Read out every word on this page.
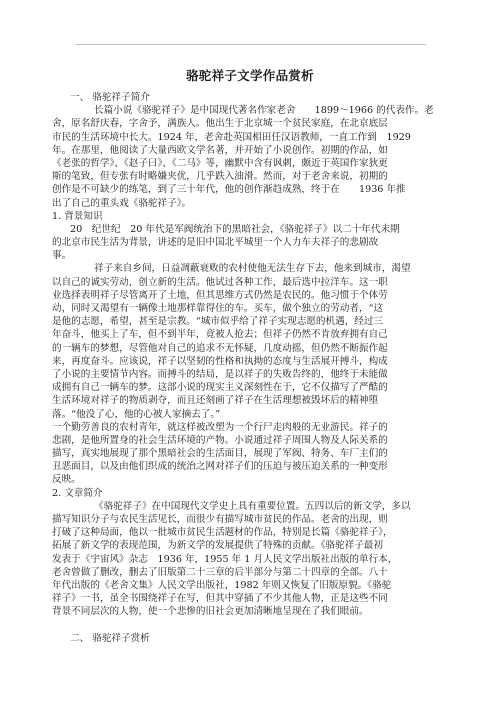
骆驼祥子文学作品赏析
一、 骆驼祥子简介
长篇小说《骆驼祥子》是中国现代著名作家老舍　　1899～1966 的代表作。老
舍，原名舒庆春，字舍予，满族人。他出生于北京城一个贫民家庭，在北京底层
市民的生活环境中长大。1924 年，老舍赴英国相田任汉语教师，一直工作到　1929
年。在那里，他阅读了大量西欧文学名著，并开始了小说创作。初期的作品，如
《老张的哲学》、《赵子曰》、《二马》等，幽默中含有讽刺，颇近于英国作家狄更
斯的笔致，但专张有时略嫌夹优，几乎跌入油滑。然而，对于老舍来说，初期的
创作是不可缺少的练笔，到了三十年代，他的创作渐趋成熟，终于在　　1936 年推
出了自己的重头戏《骆驼祥子》。
1. 背景知识
20　纪世纪　20 年代是军阀统治下的黑暗社会，《骆驼祥子》以二十年代末期
的北京市民生活为背景，讲述的是旧中国北平城里一个人力车夫祥子的悲剧故
事。
祥子来自乡间，日益凋蔽衰败的农村使他无法生存下去，他来到城市，渴望
以自己的诚实劳动，创立新的生活。他试过各种工作，最后选中拉洋车。这一职
业选择表明祥子尽管离开了土地，但其思维方式仍然是农民的。他习惯于个体劳
动，同时又渴望有一辆像土地那样靠得住的车。买车，做个独立的劳动者，“这
是他的志愿，希望，甚至是宗教。“城市似乎给了祥子实现志愿的机遇，经过三
年奋斗，他买上了车，但不到半年，竟被人抢去；但祥子仍然不肯放弃拥有自己
的一辆车的梦想，尽管他对自己的追求不无怀疑，几度动摇，但仍然不断振作起
来，再度奋斗。应该说，祥子以坚韧的性格和执拗的态度与生活展开搏斗，构成
了小说的主要情节内容。而搏斗的结局，是以祥子的失败告终的，他终于未能做
成拥有自己一辆车的梦。这部小说的现实主义深刻性在于，它不仅描写了严酷的
生活环境对祥子的物质剥夺，而且还刻画了祥子在生活理想被毁坏后的精神堕
落。“他没了心，他的心被人家摘去了。”
一个勤劳善良的农村青年，就这样被改塑为一个行尸走肉般的无业游民。祥子的
悲剧，是他所置身的社会生活环境的产物。小说通过祥子周围人物及人际关系的
描写，真实地展现了那个黑暗社会的生活面目，展现了军阀、特务、车厂主们的
丑恶面目，以及由他们织成的统治之网对祥子们的压迫与被压迫关系的一种变形
反映。
2. 文章简介
《骆驼祥子》在中国现代文学史上具有重要位置。五四以后的新文学，多以
描写知识分子与农民生活见长，而很少有描写城市贫民的作品。老舍的出现，则
打破了这种局面，他以一批城市贫民生活题材的作品，特别是长篇《骆驼祥子》，
拓展了新文学的表现范围，为新文学的发展提供了特殊的贡献。《骆驼祥子最初
发表于《宇宙风》杂志　1936 年，1955 年 1 月人民文学出版社出版的单行本，
老舍曾做了删改，删去了旧版第二十三章的后半部分与第二十四章的全部。八十
年代出版的《老舍文集》人民文学出版社，1982 年则又恢复了旧版原貌。《骆驼
祥子》一书，虽全书围绕祥子在写，但其中穿插了不少其他人物，正是这些不同
背景不同层次的人物，使一个悲惨的旧社会更加清晰地呈现在了我们眼前。
二、 骆驼祥子赏析
